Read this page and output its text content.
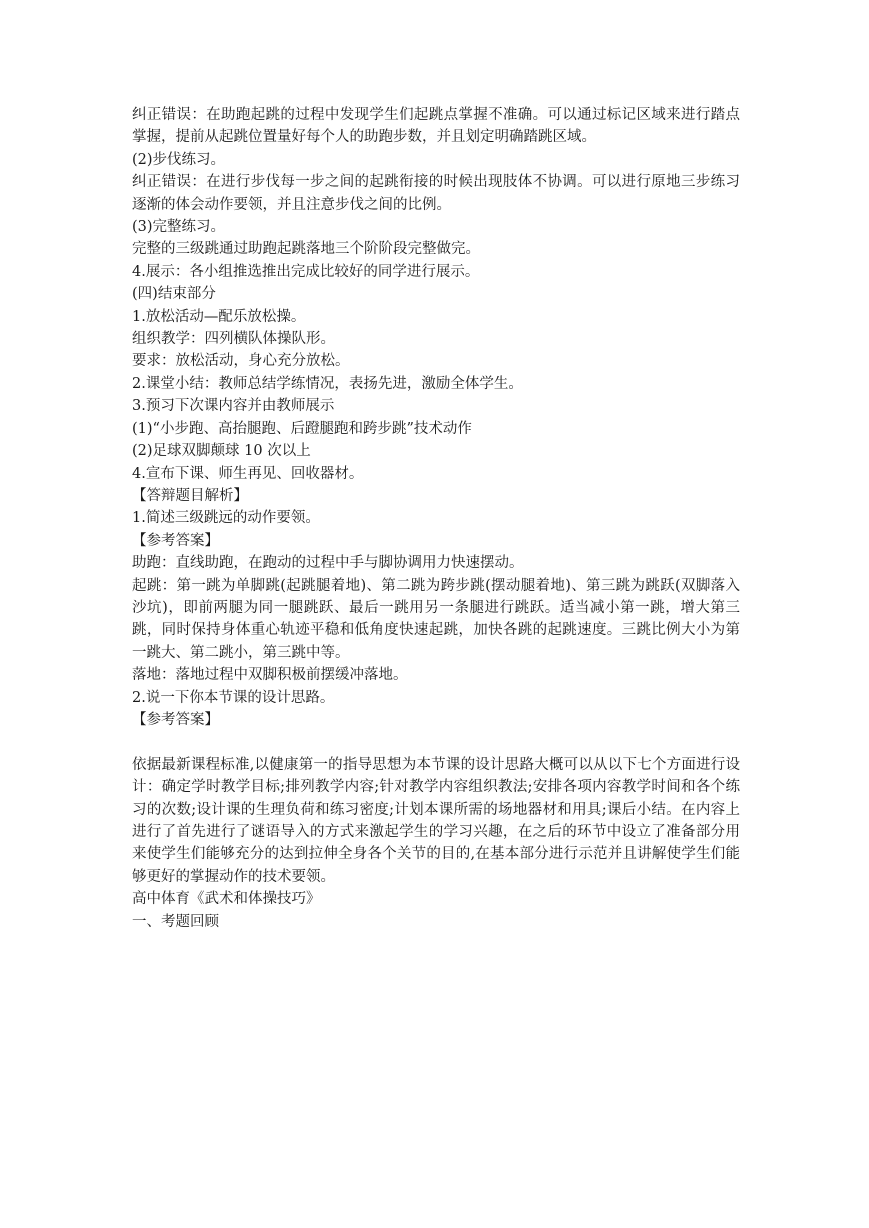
纠正错误：在助跑起跳的过程中发现学生们起跳点掌握不准确。可以通过标记区域来进行踏点掌握，提前从起跳位置量好每个人的助跑步数，并且划定明确踏跳区域。

(2)步伐练习。

纠正错误：在进行步伐每一步之间的起跳衔接的时候出现肢体不协调。可以进行原地三步练习逐渐的体会动作要领，并且注意步伐之间的比例。

(3)完整练习。
完整的三级跳通过助跑起跳落地三个阶阶段完整做完。
4.展示：各小组推选推出完成比较好的同学进行展示。
(四)结束部分
1.放松活动—配乐放松操。
组织教学：四列横队体操队形。
要求：放松活动，身心充分放松。
2.课堂小结：教师总结学练情况，表扬先进，激励全体学生。
3.预习下次课内容并由教师展示
(1)“小步跑、高抬腿跑、后蹬腿跑和跨步跳”技术动作
(2)足球双脚颠球 10 次以上
4.宣布下课、师生再见、回收器材。
【答辩题目解析】
1.简述三级跳远的动作要领。
【参考答案】
助跑：直线助跑，在跑动的过程中手与脚协调用力快速摆动。

起跳：第一跳为单脚跳(起跳腿着地)、第二跳为跨步跳(摆动腿着地)、第三跳为跳跃(双脚落入沙坑)，即前两腿为同一腿跳跃、最后一跳用另一条腿进行跳跃。适当减小第一跳，增大第三跳，同时保持身体重心轨迹平稳和低角度快速起跳，加快各跳的起跳速度。三跳比例大小为第一跳大、第二跳小，第三跳中等。

落地：落地过程中双脚积极前摆缓冲落地。
2.说一下你本节课的设计思路。
【参考答案】

依据最新课程标准,以健康第一的指导思想为本节课的设计思路大概可以从以下七个方面进行设计：确定学时教学目标;排列教学内容;针对教学内容组织教法;安排各项内容教学时间和各个练习的次数;设计课的生理负荷和练习密度;计划本课所需的场地器材和用具;课后小结。在内容上进行了首先进行了谜语导入的方式来激起学生的学习兴趣，在之后的环节中设立了准备部分用来使学生们能够充分的达到拉伸全身各个关节的目的,在基本部分进行示范并且讲解使学生们能够更好的掌握动作的技术要领。

高中体育《武术和体操技巧》
一、考题回顾
